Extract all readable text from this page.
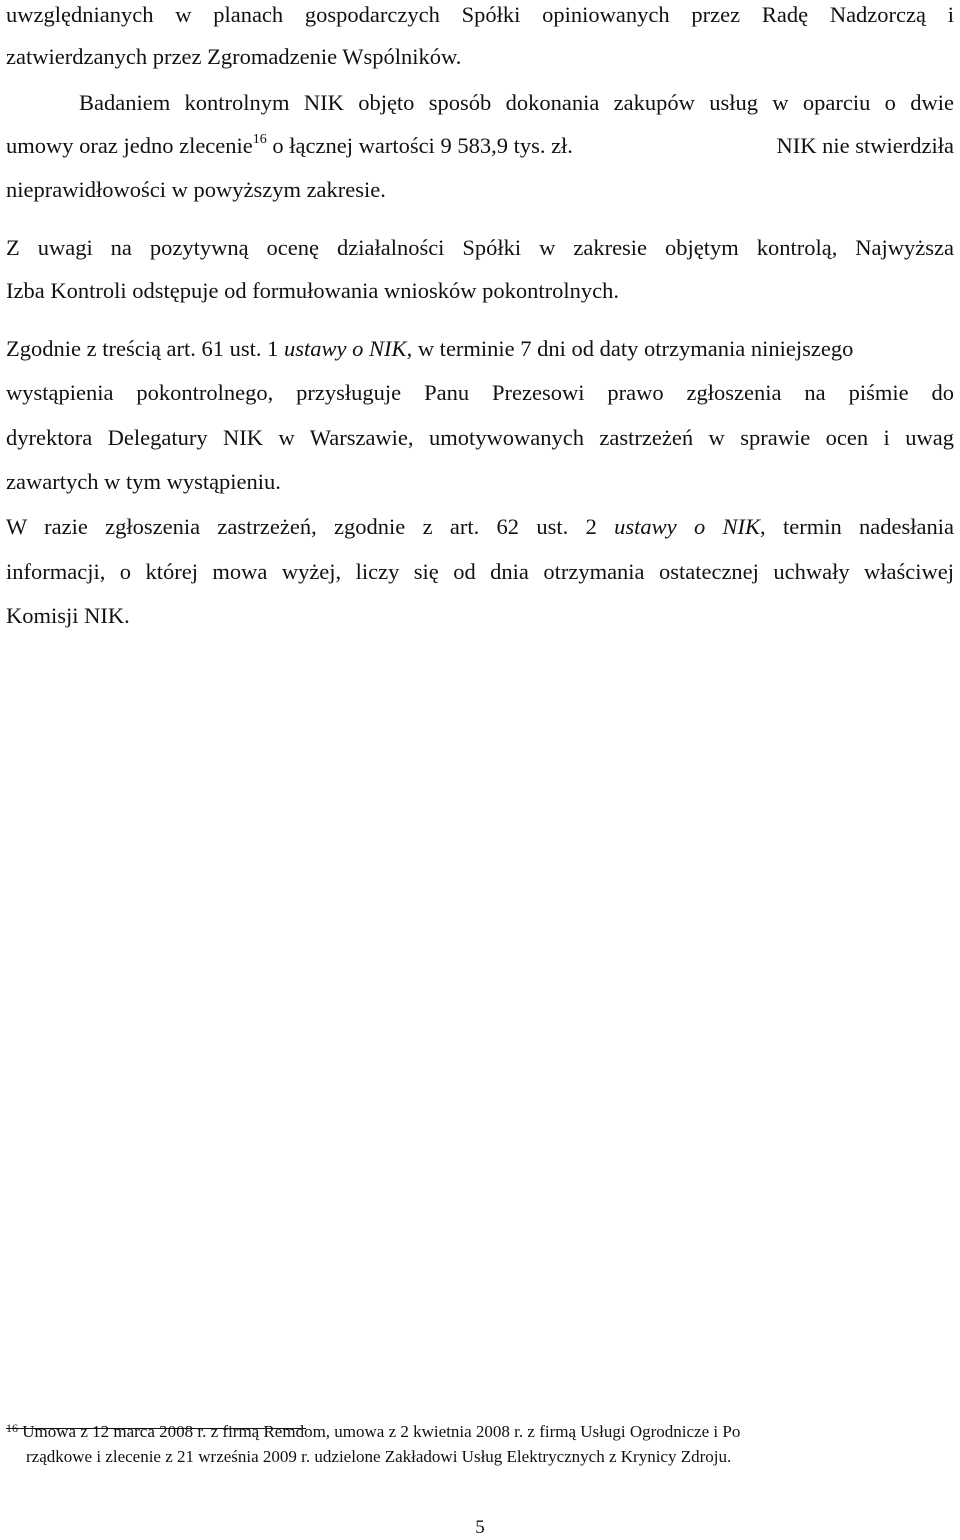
uwzględnianych w planach gospodarczych Spółki opiniowanych przez Radę Nadzorczą i
zatwierdzanych przez Zgromadzenie Wspólników.
Badaniem kontrolnym NIK objęto sposób dokonania zakupów usług w oparciu o dwie
umowy oraz jedno zlecenie$^{16}$ o łącznej wartości 9 583,9 tys. zł.	NIK nie stwierdziła
nieprawidłowości w powyższym zakresie.
Z uwagi na pozytywną ocenę działalności Spółki w zakresie objętym kontrolą, Najwyższa
Izba Kontroli odstępuje od formułowania wniosków pokontrolnych.
Zgodnie z treścią art. 61 ust. 1 ustawy o NIK, w terminie 7 dni od daty otrzymania niniejszego
wystąpienia pokontrolnego, przysługuje Panu Prezesowi prawo zgłoszenia na piśmie do
dyrektora Delegatury NIK w Warszawie, umotywowanych zastrzeżeń w sprawie ocen i uwag
zawartych w tym wystąpieniu.
W razie zgłoszenia zastrzeżeń, zgodnie z art. 62 ust. 2 ustawy o NIK, termin nadesłania
informacji, o której mowa wyżej, liczy się od dnia otrzymania ostatecznej uchwały właściwej
Komisji NIK.
$^{16}$ Umowa z 12 marca 2008 r. z firmą Remdom, umowa z 2 kwietnia 2008 r. z firmą Usługi Ogrodnicze i Po
rządkowe i zlecenie z 21 września 2009 r. udzielone Zakładowi Usług Elektrycznych z Krynicy Zdroju.
5
